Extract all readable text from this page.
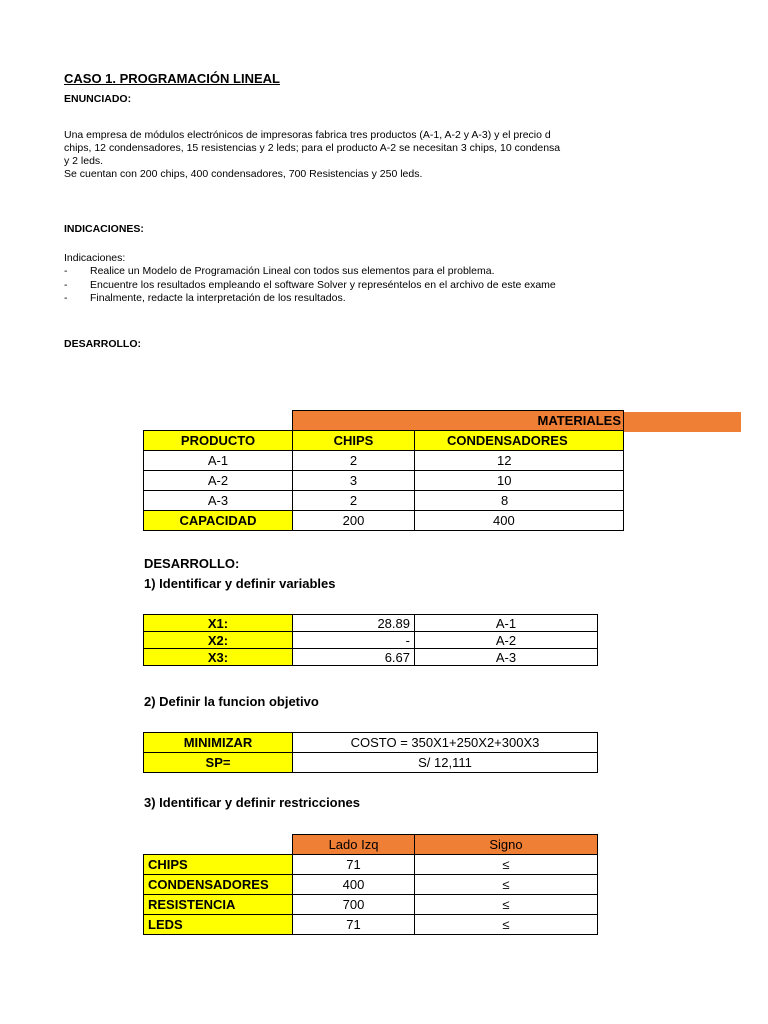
CASO 1. PROGRAMACIÓN LINEAL
ENUNCIADO:
Una empresa de módulos electrónicos de impresoras fabrica tres productos (A-1, A-2 y A-3) y el precio d
chips, 12 condensadores, 15 resistencias y 2 leds; para el producto A-2 se necesitan 3 chips, 10 condensa
y 2 leds.
Se cuentan con 200 chips, 400 condensadores, 700 Resistencias y 250 leds.
INDICACIONES:
Indicaciones:
- Realice un Modelo de Programación Lineal con todos sus elementos para el problema.
- Encuentre los resultados empleando el software Solver y represéntelos en el archivo de este exame
- Finalmente, redacte la interpretación de los resultados.
DESARROLLO:
	MATERIALES	
PRODUCTO	CHIPS	CONDENSADORES
A-1	2	12
A-2	3	10
A-3	2	8
CAPACIDAD	200	400
DESARROLLO:
1) Identificar y definir variables
X1:	28.89	A-1
X2:	-	A-2
X3:	6.67	A-3
2) Definir la funcion objetivo
MINIMIZAR	COSTO = 350X1+250X2+300X3
SP=	S/ 12,111
3) Identificar y definir restricciones
	Lado Izq	Signo
CHIPS	71	≤
CONDENSADORES	400	≤
RESISTENCIA	700	≤
LEDS	71	≤
